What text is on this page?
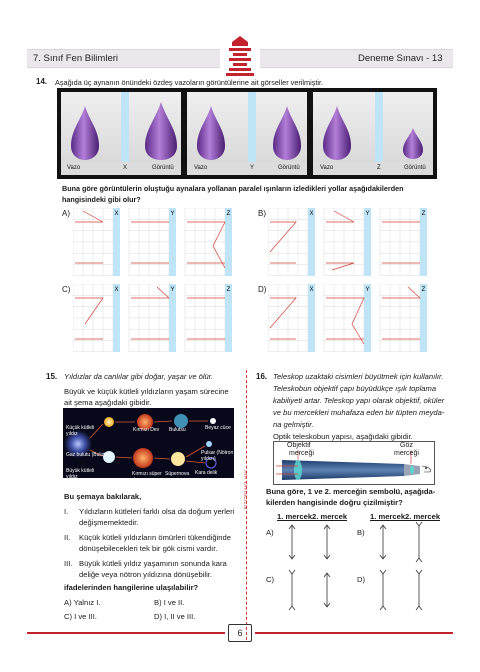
7. Sınıf Fen Bilimleri	Deneme Sınavı - 13
14. Aşağıda üç aynanın önündeki özdeş vazoların görüntülerine ait görseller verilmiştir.
Vazo	X	Görüntü	Vazo	Y	Görüntü	Vazo	Z	Görüntü
Buna göre görüntülerin oluştuğu aynalara yollanan paralel ışınların izledikleri yollar aşağıdakilerden
hangisindeki gibi olur?
A)	B)
C)	D)
X	Y	Z	X	Y	Z
X	Y	Z	X	Y	Z
15. Yıldızlar da canlılar gibi doğar, yaşar ve ölür.
Büyük ve küçük kütleli yıldızların yaşam sürecine
ait şema aşağıdaki gibidir.
Küçük kütleli yıldız
Kırmızı Dev Bulutsu	Beyaz cüce
Gaz bulutu (Bulutsu)	Pulsar (Nötron yıldızı)
Kara delik
Büyük kütleli yıldız	Kırmızı süper dev
Süpernova
Bu şemaya bakılarak,
I. Yıldızların kütleleri farklı olsa da doğum yerleri
değişmemektedir.
II. Küçük kütleli yıldızların ömürleri tükendiğinde
dönüşebilecekleri tek bir gök cismi vardır.
III. Büyük kütleli yıldız yaşamının sonunda kara
deliğe veya nötron yıldızına dönüşebilir.
ifadelerinden hangilerine ulaşılabilir?
A) Yalnız I.	B) I ve II.
C) I ve III.	D) I, II ve III.
ATA YAYINCILIK
16. Teleskop uzaktaki cisimleri büyütmek için kullanılır.
Teleskobun objektif çapı büyüdükçe ışık toplama
kabiliyeti artar. Teleskop yapı olarak objektif, oküler
ve bu mercekleri muhafaza eden bir tüpten meyda-
na gelmiştir.
Optik teleskobun yapısı, aşağıdaki gibidir.
Objektif
merceği
Göz
merceği
Buna göre, 1 ve 2. merceğin sembolü, aşağıda-
kilerden hangisinde doğru çizilmiştir?
1. mercek 2. mercek	1. mercek 2. mercek
A)	B)
C)	D)
6
